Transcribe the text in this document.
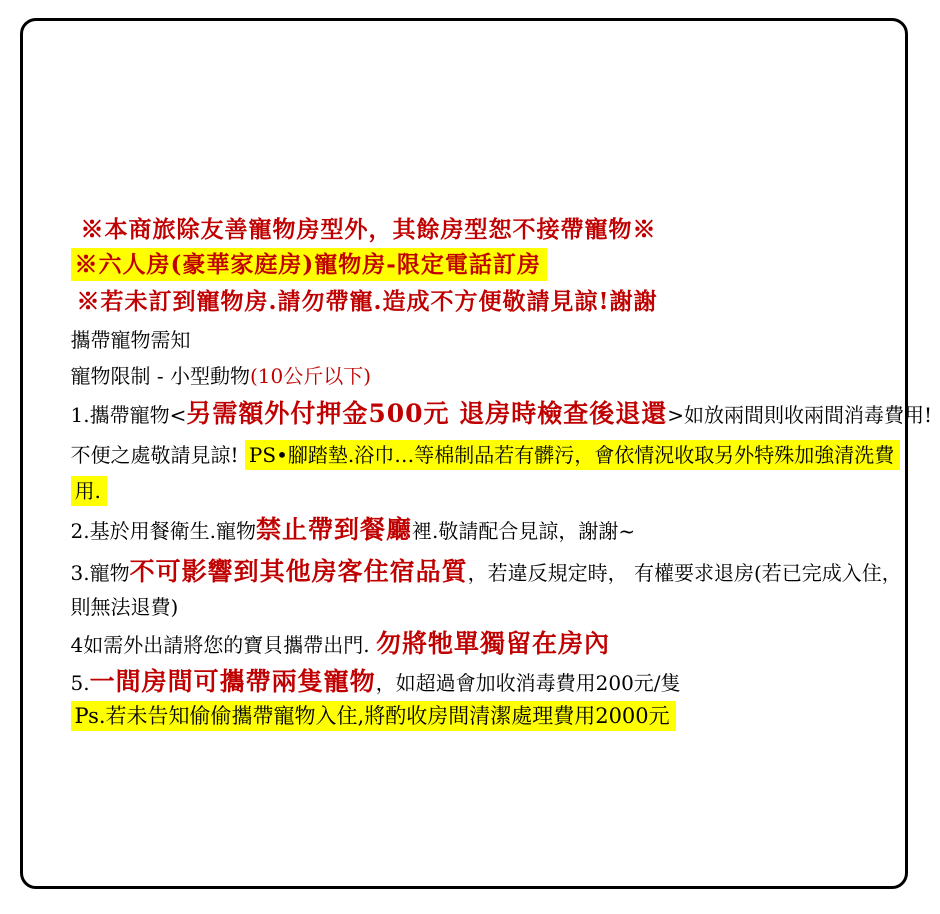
※本商旅除友善寵物房型外，其餘房型恕不接帶寵物※

※六人房(豪華家庭房)寵物房-限定電話訂房

※若未訂到寵物房.請勿帶寵.造成不方便敬請見諒!謝謝

攜帶寵物需知

寵物限制 - 小型動物(10公斤以下)

1.攜帶寵物<另需額外付押金500元 退房時檢查後退還>如放兩間則收兩間消毒費用!

不便之處敬請見諒! PS•腳踏墊.浴巾…等棉制品若有髒污，會依情況收取另外特殊加強清洗費

用.

2.基於用餐衛生.寵物禁止帶到餐廳裡.敬請配合見諒，謝謝~

3.寵物不可影響到其他房客住宿品質，若違反規定時， 有權要求退房(若已完成入住，

則無法退費)

4如需外出請將您的寶貝攜帶出門. 勿將牠單獨留在房內

5.一間房間可攜帶兩隻寵物，如超過會加收消毒費用200元/隻

Ps.若未告知偷偷攜帶寵物入住,將酌收房間清潔處理費用2000元
